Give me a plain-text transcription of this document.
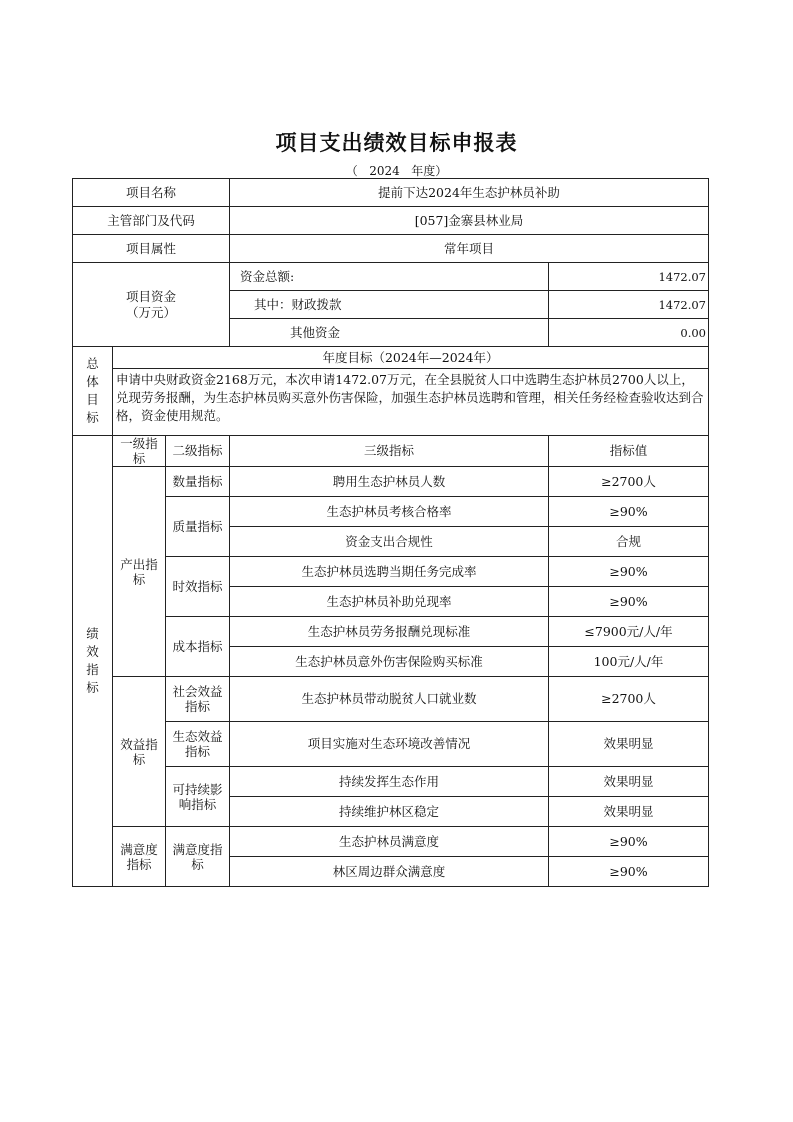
项目支出绩效目标申报表
（ 2024 年度）
项目名称			提前下达2024年生态护林员补助	
主管部门及代码			[057]金寨县林业局	
项目属性			常年项目	

项目资金
（万元）			资金总额:	1472.07
			其中：财政拨款	1472.07
			其他资金	0.00

总
体
目
标	年度目标（2024年—2024年）			
	申请中央财政资金2168万元，本次申请1472.07万元，在全县脱贫人口中选聘生态护林员2700人以上，兑现劳务报酬，为生态护林员购买意外伤害保险，加强生态护林员选聘和管理，相关任务经检查验收达到合格，资金使用规范。			

绩
效
指
标	一级指标	二级指标	三级指标	指标值
	产出指标	数量指标	聘用生态护林员人数	≥2700人
		质量指标	生态护林员考核合格率	≥90%
			资金支出合规性	合规
		时效指标	生态护林员选聘当期任务完成率	≥90%
			生态护林员补助兑现率	≥90%
		成本指标	生态护林员劳务报酬兑现标准	≤7900元/人/年
			生态护林员意外伤害保险购买标准	100元/人/年
	效益指标	社会效益指标	生态护林员带动脱贫人口就业数	≥2700人
		生态效益指标	项目实施对生态环境改善情况	效果明显
		可持续影响指标	持续发挥生态作用	效果明显
			持续维护林区稳定	效果明显
	满意度指标	满意度指标	生态护林员满意度	≥90%
			林区周边群众满意度	≥90%
